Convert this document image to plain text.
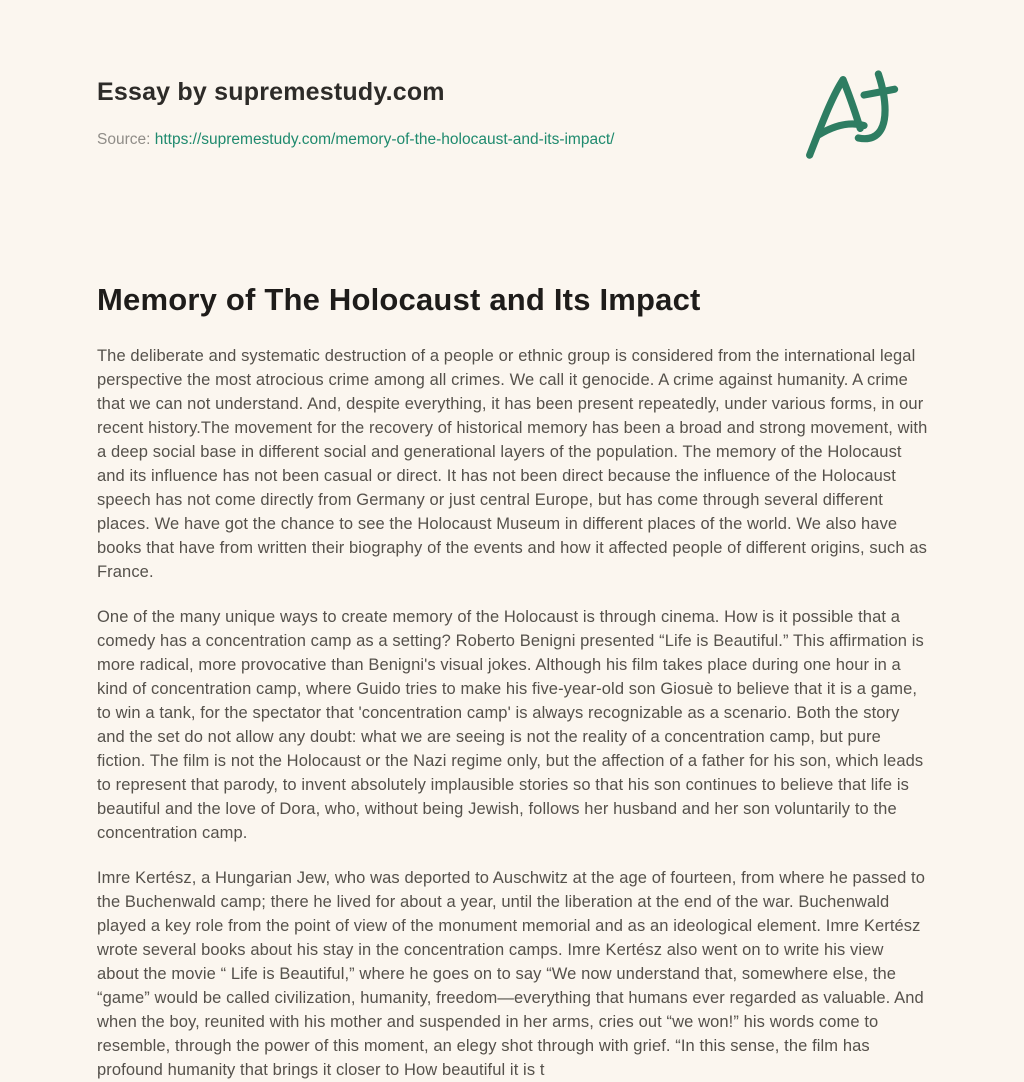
Essay by supremestudy.com
Source: https://supremestudy.com/memory-of-the-holocaust-and-its-impact/
Memory of The Holocaust and Its Impact

The deliberate and systematic destruction of a people or ethnic group is considered from the international legal perspective the most atrocious crime among all crimes. We call it genocide. A crime against humanity. A crime that we can not understand. And, despite everything, it has been present repeatedly, under various forms, in our recent history.The movement for the recovery of historical memory has been a broad and strong movement, with a deep social base in different social and generational layers of the population. The memory of the Holocaust and its influence has not been casual or direct. It has not been direct because the influence of the Holocaust speech has not come directly from Germany or just central Europe, but has come through several different places. We have got the chance to see the Holocaust Museum in different places of the world. We also have books that have from written their biography of the events and how it affected people of different origins, such as France.

One of the many unique ways to create memory of the Holocaust is through cinema. How is it possible that a comedy has a concentration camp as a setting? Roberto Benigni presented “Life is Beautiful.” This affirmation is more radical, more provocative than Benigni's visual jokes. Although his film takes place during one hour in a kind of concentration camp, where Guido tries to make his five-year-old son Giosuè to believe that it is a game, to win a tank, for the spectator that 'concentration camp' is always recognizable as a scenario. Both the story and the set do not allow any doubt: what we are seeing is not the reality of a concentration camp, but pure fiction. The film is not the Holocaust or the Nazi regime only, but the affection of a father for his son, which leads to represent that parody, to invent absolutely implausible stories so that his son continues to believe that life is beautiful and the love of Dora, who, without being Jewish, follows her husband and her son voluntarily to the concentration camp.

Imre Kertész, a Hungarian Jew, who was deported to Auschwitz at the age of fourteen, from where he passed to the Buchenwald camp; there he lived for about a year, until the liberation at the end of the war. Buchenwald played a key role from the point of view of the monument memorial and as an ideological element. Imre Kertész wrote several books about his stay in the concentration camps. Imre Kertész also went on to write his view about the movie “ Life is Beautiful,” where he goes on to say “We now understand that, somewhere else, the “game” would be called civilization, humanity, freedom—everything that humans ever regarded as valuable. And when the boy, reunited with his mother and suspended in her arms, cries out “we won!” his words come to resemble, through the power of this moment, an elegy shot through with grief. “In this sense, the film has profound humanity that brings it closer to How beautiful it is t
